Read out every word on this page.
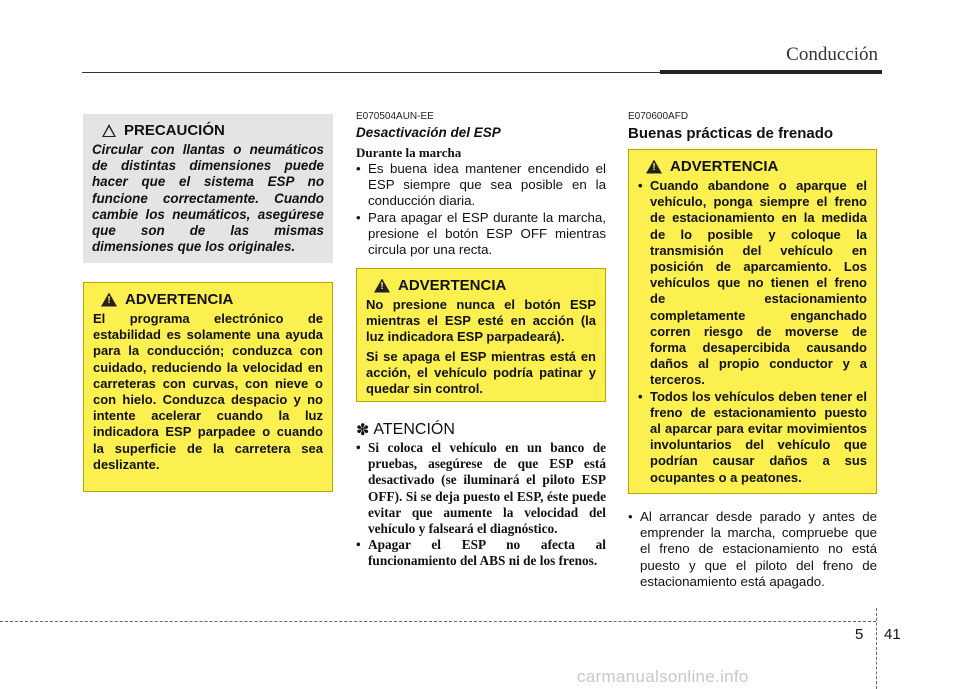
Conducción
PRECAUCIÓN
Circular con llantas o neumáticos de distintas dimensiones puede hacer que el sistema ESP no funcione correctamente. Cuando cambie los neumáticos, asegúrese que son de las mismas dimensiones que los originales.
!
ADVERTENCIA
El programa electrónico de estabilidad es solamente una ayuda para la conducción; conduzca con cuidado, reduciendo la velocidad en carreteras con curvas, con nieve o con hielo. Conduzca despacio y no intente acelerar cuando la luz indicadora ESP parpadee o cuando la superficie de la carretera sea deslizante.
E070504AUN-EE
Desactivación del ESP
Durante la marcha
• Es buena idea mantener encendido el ESP siempre que sea posible en la conducción diaria.
• Para apagar el ESP durante la marcha, presione el botón ESP OFF mientras circula por una recta.
!
ADVERTENCIA
No presione nunca el botón ESP mientras el ESP esté en acción (la luz indicadora ESP parpadeará).
Si se apaga el ESP mientras está en acción, el vehículo podría patinar y quedar sin control.
✽ ATENCIÓN
• Si coloca el vehículo en un banco de pruebas, asegúrese de que ESP está desactivado (se iluminará el piloto ESP OFF). Si se deja puesto el ESP, éste puede evitar que aumente la velocidad del vehículo y falseará el diagnóstico.
• Apagar el ESP no afecta al funcionamiento del ABS ni de los frenos.
E070600AFD
Buenas prácticas de frenado
!
ADVERTENCIA
• Cuando abandone o aparque el vehículo, ponga siempre el freno de estacionamiento en la medida de lo posible y coloque la transmisión del vehículo en posición de aparcamiento. Los vehículos que no tienen el freno de estacionamiento completamente enganchado corren riesgo de moverse de forma desapercibida causando daños al propio conductor y a terceros.
• Todos los vehículos deben tener el freno de estacionamiento puesto al aparcar para evitar movimientos involuntarios del vehículo que podrían causar daños a sus ocupantes o a peatones.
• Al arrancar desde parado y antes de emprender la marcha, compruebe que el freno de estacionamiento no está puesto y que el piloto del freno de estacionamiento está apagado.
5 41
carmanualsonline.info
